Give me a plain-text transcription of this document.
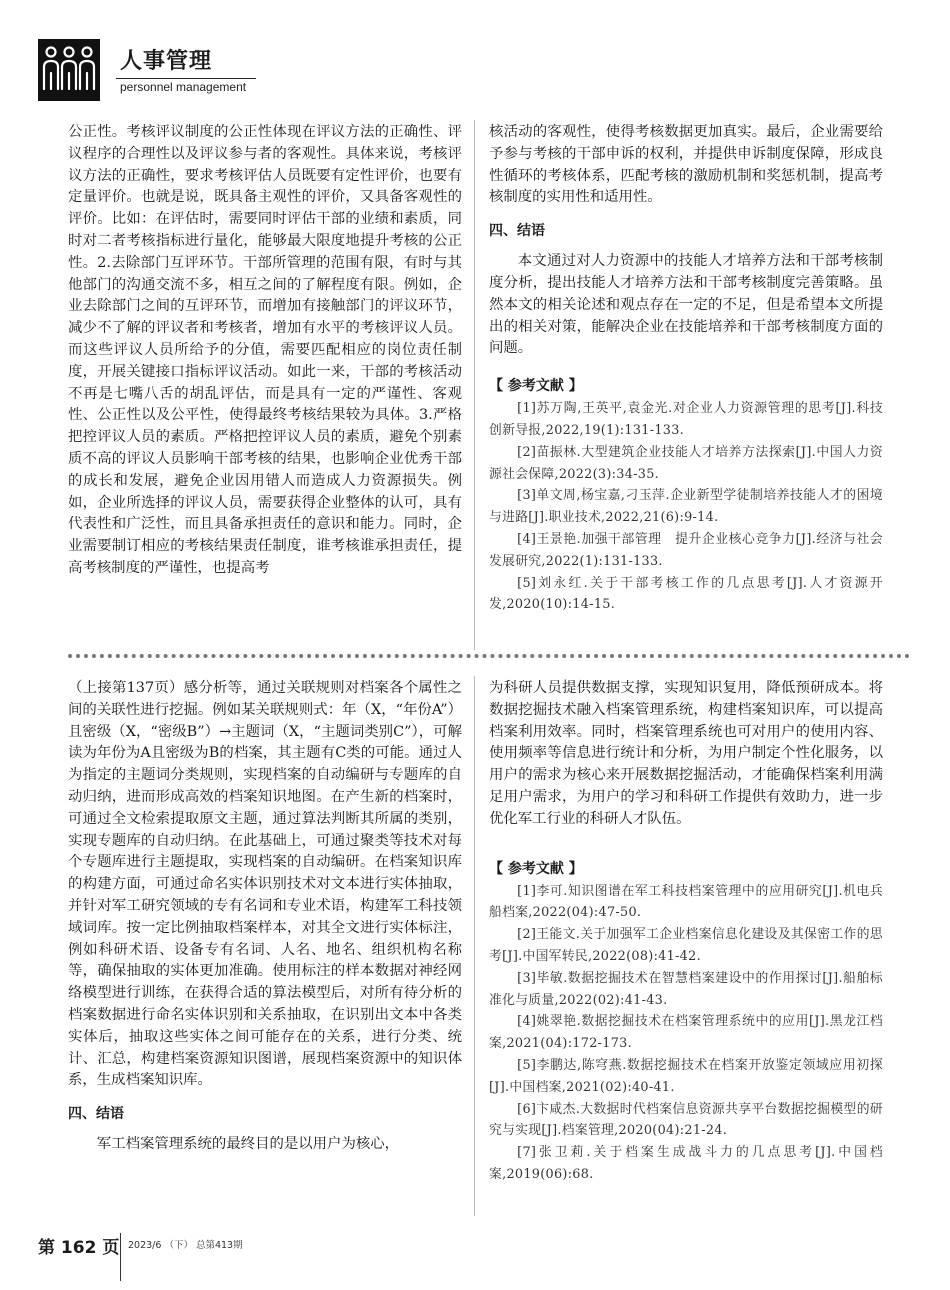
人事管理
personnel management

公正性。考核评议制度的公正性体现在评议方法的正确性、评议程序的合理性以及评议参与者的客观性。具体来说，考核评议方法的正确性，要求考核评估人员既要有定性评价，也要有定量评价。也就是说，既具备主观性的评价，又具备客观性的评价。比如：在评估时，需要同时评估干部的业绩和素质，同时对二者考核指标进行量化，能够最大限度地提升考核的公正性。2.去除部门互评环节。干部所管理的范围有限，有时与其他部门的沟通交流不多，相互之间的了解程度有限。例如，企业去除部门之间的互评环节，而增加有接触部门的评议环节，减少不了解的评议者和考核者，增加有水平的考核评议人员。而这些评议人员所给予的分值，需要匹配相应的岗位责任制度，开展关键接口指标评议活动。如此一来，干部的考核活动不再是七嘴八舌的胡乱评估，而是具有一定的严谨性、客观性、公正性以及公平性，使得最终考核结果较为具体。3.严格把控评议人员的素质。严格把控评议人员的素质，避免个别素质不高的评议人员影响干部考核的结果，也影响企业优秀干部的成长和发展，避免企业因用错人而造成人力资源损失。例如，企业所选择的评议人员，需要获得企业整体的认可，具有代表性和广泛性，而且具备承担责任的意识和能力。同时，企业需要制订相应的考核结果责任制度，谁考核谁承担责任，提高考核制度的严谨性，也提高考

核活动的客观性，使得考核数据更加真实。最后，企业需要给予参与考核的干部申诉的权利，并提供申诉制度保障，形成良性循环的考核体系，匹配考核的激励机制和奖惩机制，提高考核制度的实用性和适用性。

四、结语

本文通过对人力资源中的技能人才培养方法和干部考核制度分析，提出技能人才培养方法和干部考核制度完善策略。虽然本文的相关论述和观点存在一定的不足，但是希望本文所提出的相关对策，能解决企业在技能培养和干部考核制度方面的问题。

【 参考文献 】

[1]苏万陶,王英平,袁金光.对企业人力资源管理的思考[J].科技创新导报,2022,19(1):131-133.

[2]苗振林.大型建筑企业技能人才培养方法探索[J].中国人力资源社会保障,2022(3):34-35.

[3]单文周,杨宝嘉,刁玉萍.企业新型学徒制培养技能人才的困境与进路[J].职业技术,2022,21(6):9-14.

[4]王景艳.加强干部管理　提升企业核心竞争力[J].经济与社会发展研究,2022(1):131-133.

[5]刘永红.关于干部考核工作的几点思考[J].人才资源开发,2020(10):14-15.

（上接第137页）感分析等，通过关联规则对档案各个属性之间的关联性进行挖掘。例如某关联规则式：年（X，“年份A”）且密级（X，“密级B”）→主题词（X，“主题词类别C”），可解读为年份为A且密级为B的档案，其主题有C类的可能。通过人为指定的主题词分类规则，实现档案的自动编研与专题库的自动归纳，进而形成高效的档案知识地图。在产生新的档案时，可通过全文检索提取原文主题，通过算法判断其所属的类别，实现专题库的自动归纳。在此基础上，可通过聚类等技术对每个专题库进行主题提取，实现档案的自动编研。在档案知识库的构建方面，可通过命名实体识别技术对文本进行实体抽取，并针对军工研究领域的专有名词和专业术语，构建军工科技领域词库。按一定比例抽取档案样本，对其全文进行实体标注，例如科研术语、设备专有名词、人名、地名、组织机构名称等，确保抽取的实体更加准确。使用标注的样本数据对神经网络模型进行训练，在获得合适的算法模型后，对所有待分析的档案数据进行命名实体识别和关系抽取，在识别出文本中各类实体后，抽取这些实体之间可能存在的关系，进行分类、统计、汇总，构建档案资源知识图谱，展现档案资源中的知识体系，生成档案知识库。

四、结语

军工档案管理系统的最终目的是以用户为核心，

为科研人员提供数据支撑，实现知识复用，降低预研成本。将数据挖掘技术融入档案管理系统，构建档案知识库，可以提高档案利用效率。同时，档案管理系统也可对用户的使用内容、使用频率等信息进行统计和分析，为用户制定个性化服务，以用户的需求为核心来开展数据挖掘活动，才能确保档案利用满足用户需求，为用户的学习和科研工作提供有效助力，进一步优化军工行业的科研人才队伍。

【 参考文献 】

[1]李可.知识图谱在军工科技档案管理中的应用研究[J].机电兵船档案,2022(04):47-50.

[2]王能文.关于加强军工企业档案信息化建设及其保密工作的思考[J].中国军转民,2022(08):41-42.

[3]毕敏.数据挖掘技术在智慧档案建设中的作用探讨[J].船舶标准化与质量,2022(02):41-43.

[4]姚翠艳.数据挖掘技术在档案管理系统中的应用[J].黑龙江档案,2021(04):172-173.

[5]李鹏达,陈穹燕.数据挖掘技术在档案开放鉴定领域应用初探[J].中国档案,2021(02):40-41.

[6]卞咸杰.大数据时代档案信息资源共享平台数据挖掘模型的研究与实现[J].档案管理,2020(04):21-24.

[7]张卫莉.关于档案生成战斗力的几点思考[J].中国档案,2019(06):68.

第 162 页 2023/6 （下） 总第413期
